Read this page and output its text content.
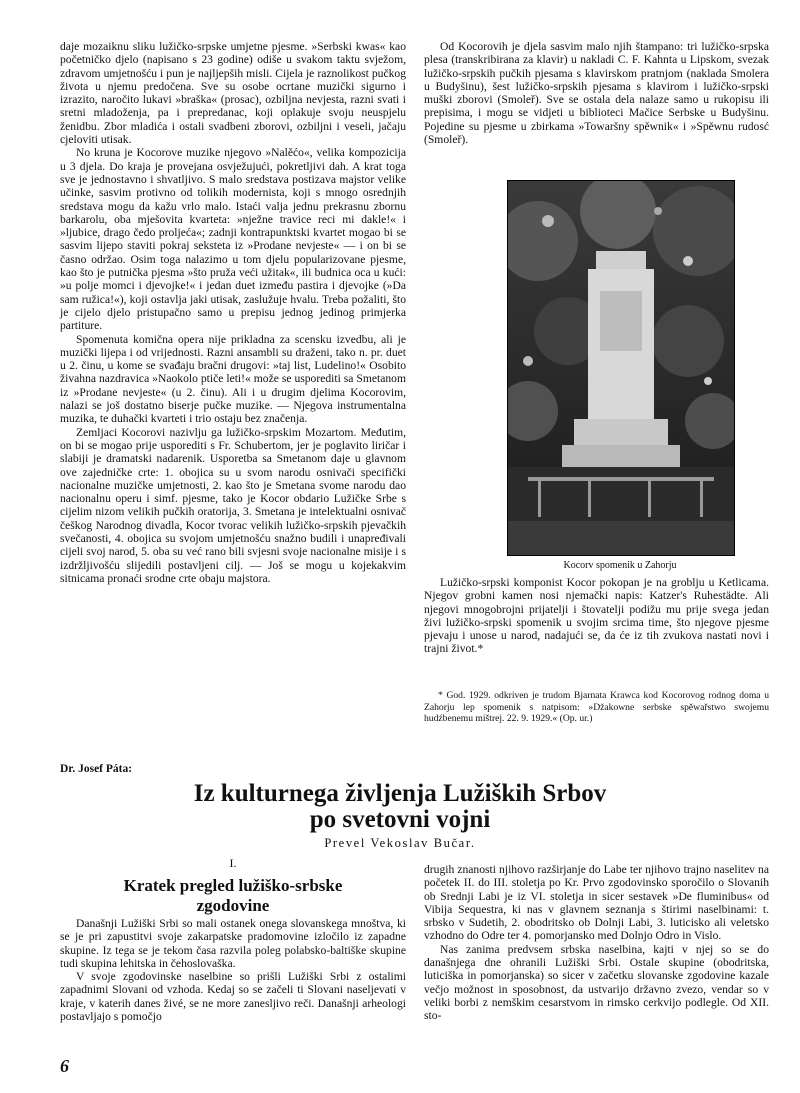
daje mozaiknu sliku lužičko-srpske umjetne pjesme. »Serbski kwas« kao početničko djelo (napisano s 23 godine) odiše u svakom taktu svježom, zdravom umjetnošću i pun je najljepših misli. Cijela je raznolikost pučkog života u njemu predočena. Sve su osobe ocrtane muzički sigurno i izrazito, naročito lukavi »braška« (prosac), ozbiljna nevjesta, razni svati i sretni mladoženja, pa i prepredanac, koji oplakuje svoju neuspjelu ženidbu. Zbor mladića i ostali svadbeni zborovi, ozbiljni i veseli, jačaju cjeloviti utisak.

No kruna je Kocorove muzike njegovo »Nalěćo«, velika kompozicija u 3 djela. Do kraja je provejana osvježujući, pokretljivi dah. A krat toga sve je jednostavno i shvatljivo. S malo sredstava postizava majstor velike učinke, sasvim protivno od tolikih modernista, koji s mnogo osrednjih sredstava mogu da kažu vrlo malo. Istaći valja jednu prekrasnu zbornu barkarolu, oba mješovita kvarteta: »nježne travice reci mi dakle!« i »ljubice, drago čedo proljeća«; zadnji kontrapunktski kvartet mogao bi se sasvim lijepo staviti pokraj seksteta iz »Prodane nevjeste« — i on bi se časno održao. Osim toga nalazimo u tom djelu popularizovane pjesme, kao što je putnička pjesma »što pruža veći užitak«, ili budnica oca u kući: »u polje momci i djevojke!« i jedan duet između pastira i djevojke (»Da sam ružica!«), koji ostavlja jaki utisak, zaslužuje hvalu. Treba požaliti, što je cijelo djelo pristupačno samo u prepisu jednog jedinog primjerka partiture.

Spomenuta komična opera nije prikladna za scensku izvedbu, ali je muzički lijepa i od vrijednosti. Razni ansambli su draženi, tako n. pr. duet u 2. činu, u kome se svađaju bračni drugovi: »taj list, Ludelino!« Osobito živahna nazdravica »Naokolo ptiče leti!« može se usporediti sa Smetanom iz »Prodane nevjeste« (u 2. činu). Ali i u drugim djelima Kocorovim, nalazi se još dostatno biserje pučke muzike. — Njegova instrumentalna muzika, te duhački kvarteti i trio ostaju bez značenja.

Zemljaci Kocorovi nazivlju ga lužičko-srpskim Mozartom. Međutim, on bi se mogao prije usporediti s Fr. Schubertom, jer je poglavito liričar i slabiji je dramatski nadarenik. Usporetba sa Smetanom daje u glavnom ove zajedničke crte: 1. obojica su u svom narodu osnivači specifički nacionalne muzičke umjetnosti, 2. kao što je Smetana svome narodu dao nacionalnu operu i simf. pjesme, tako je Kocor obdario Lužičke Srbe s cijelim nizom velikih pučkih oratorija, 3. Smetana je intelektualni osnivač češkog Narodnog divadla, Kocor tvorac velikih lužičko-srpskih pjevačkih svečanosti, 4. obojica su svojom umjetnošću snažno budili i unapređivali cijeli svoj narod, 5. oba su već rano bili svjesni svoje nacionalne misije i s izdržljivošću slijedili postavljeni cilj. — Još se mogu u kojekakvim sitnicama pronaći srodne crte obaju majstora.

Od Kocorovih je djela sasvim malo njih štampano: tri lužičko-srpska plesa (transkribirana za klavir) u nakladi C. F. Kahnta u Lipskom, svezak lužičko-srpskih pučkih pjesama s klavirskom pratnjom (naklada Smolera u Budyšinu), šest lužičko-srpskih pjesama s klavirom i lužičko-srpski muški zborovi (Smoleř). Sve se ostala dela nalaze samo u rukopisu ili prepisima, i mogu se vidjeti u biblioteci Mačice Serbske u Budyšinu. Pojedine su pjesme u zbirkama »Towaršny spěwnik« i »Spěwnu rudosć (Smoleř).

Kocorv spomenik u Zahorju

Lužičko-srpski komponist Kocor pokopan je na groblju u Ketlicama. Njegov grobni kamen nosi njemački napis: Katzer's Ruhestädte. Ali njegovi mnogobrojni prijatelji i štovatelji podižu mu prije svega jedan živi lužičko-srpski spomenik u svojim srcima time, što njegove pjesme pjevaju i unose u narod, nadajući se, da će iz tih zvukova nastati novi i trajni život.*

* God. 1929. odkriven je trudom Bjarnata Krawca kod Kocorovog rodnog doma u Zahorju lep spomenik s natpisom: »Džakowne serbske spěwařstwo swojemu hudźbenemu mištrej. 22. 9. 1929.« (Op. ur.)

Dr. Josef Páta:
Iz kulturnega življenja Lužiških Srbov
po svetovni vojni
Prevel Vekoslav Bučar.
I.
Kratek pregled lužiško-srbske
zgodovine

Današnji Lužiški Srbi so mali ostanek onega slovanskega mnoštva, ki se je pri zapustitvi svoje zakarpatske pradomovine izločilo iz zapadne skupine. Iz tega se je tekom časa razvila poleg polabsko-baltiške skupine tudi skupina lehitska in čehoslovaška.

V svoje zgodovinske naselbine so prišli Lužiški Srbi z ostalimi zapadnimi Slovani od vzhoda. Kedaj so se začeli ti Slovani naseljevati v kraje, v katerih danes živé, se ne more zanesljivo reči. Današnji arheologi postavljajo s pomočjo

drugih znanosti njihovo razširjanje do Labe ter njihovo trajno naselitev na početek II. do III. stoletja po Kr. Prvo zgodovinsko sporočilo o Slovanih ob Srednji Labi je iz VI. stoletja in sicer sestavek »De fluminibus« od Vibija Sequestra, ki nas v glavnem seznanja s štirimi naselbinami: t. srbsko v Sudetih, 2. obodritsko ob Dolnji Labi, 3. luticisko ali veletsko vzhodno do Odre ter 4. pomorjansko med Dolnjo Odro in Vislo.

Nas zanima predvsem srbska naselbina, kajti v njej so se do današnjega dne ohranili Lužiški Srbi. Ostale skupine (obodritska, luticiška in pomorjanska) so sicer v začetku slovanske zgodovine kazale večjo možnost in sposobnost, da ustvarijo državno zvezo, vendar so v veliki borbi z nemškim cesarstvom in rimsko cerkvijo podlegle. Od XII. sto-

6
